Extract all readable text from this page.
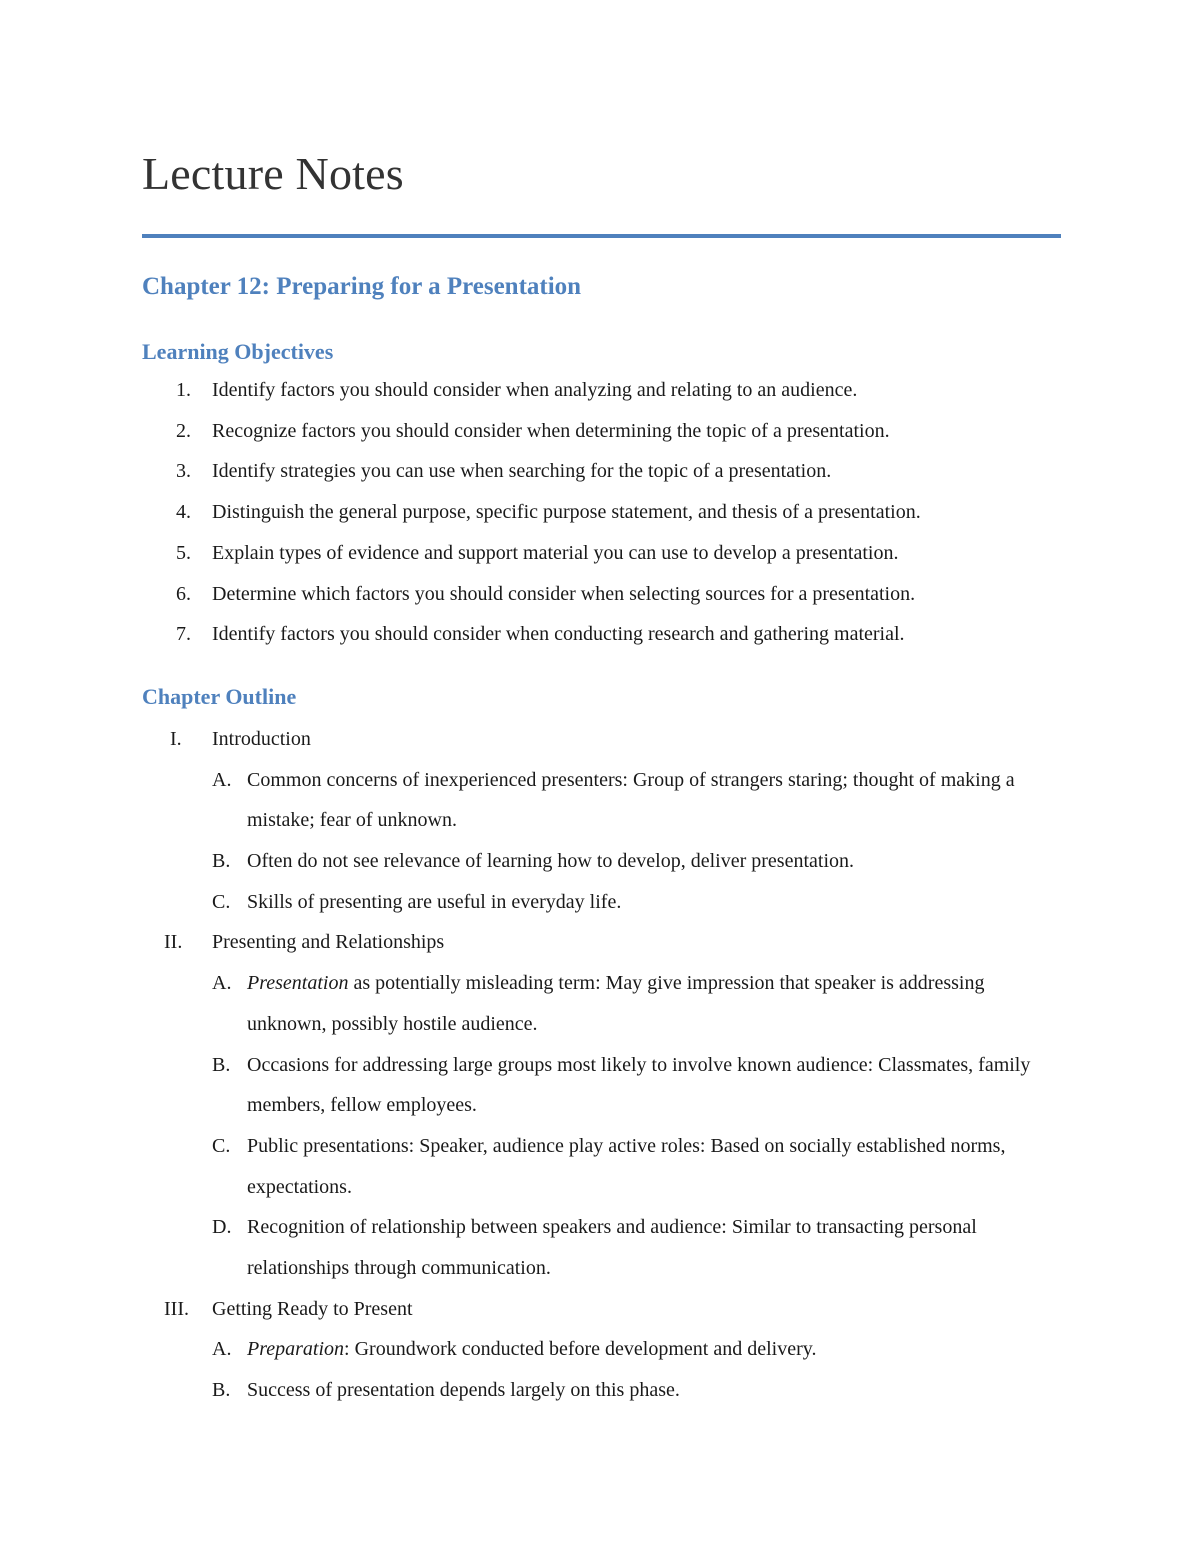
Lecture Notes
Chapter 12: Preparing for a Presentation
Learning Objectives
1. Identify factors you should consider when analyzing and relating to an audience.
2. Recognize factors you should consider when determining the topic of a presentation.
3. Identify strategies you can use when searching for the topic of a presentation.
4. Distinguish the general purpose, specific purpose statement, and thesis of a presentation.
5. Explain types of evidence and support material you can use to develop a presentation.
6. Determine which factors you should consider when selecting sources for a presentation.
7. Identify factors you should consider when conducting research and gathering material.
Chapter Outline
I. Introduction
A. Common concerns of inexperienced presenters: Group of strangers staring; thought of making a mistake; fear of unknown.
B. Often do not see relevance of learning how to develop, deliver presentation.
C. Skills of presenting are useful in everyday life.
II. Presenting and Relationships
A. Presentation as potentially misleading term: May give impression that speaker is addressing unknown, possibly hostile audience.
B. Occasions for addressing large groups most likely to involve known audience: Classmates, family members, fellow employees.
C. Public presentations: Speaker, audience play active roles: Based on socially established norms, expectations.
D. Recognition of relationship between speakers and audience: Similar to transacting personal relationships through communication.
III. Getting Ready to Present
A. Preparation: Groundwork conducted before development and delivery.
B. Success of presentation depends largely on this phase.
